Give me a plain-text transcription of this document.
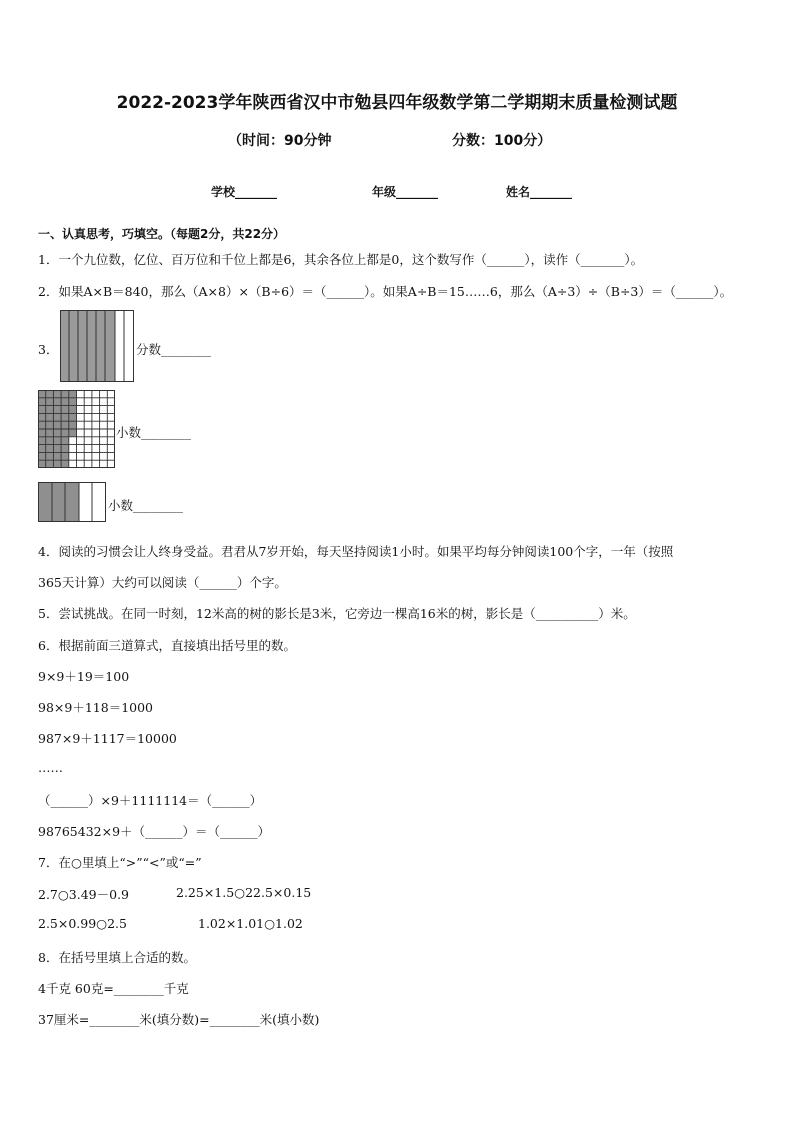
2022-2023学年陕西省汉中市勉县四年级数学第二学期期末质量检测试题
（时间：90分钟	分数：100分）
学校_______	年级_______	姓名_______
一、认真思考，巧填空。（每题2分，共22分）
1．一个九位数，亿位、百万位和千位上都是6，其余各位上都是0，这个数写作（______），读作（_______）。
2．如果A×B＝840，那么（A×8）×（B÷6）＝（______）。如果A÷B＝15……6，那么（A÷3）÷（B÷3）＝（______）。
3．	分数________
小数________
小数________
4．阅读的习惯会让人终身受益。君君从7岁开始，每天坚持阅读1小时。如果平均每分钟阅读100个字，一年（按照
365天计算）大约可以阅读（______）个字。
5．尝试挑战。在同一时刻，12米高的树的影长是3米，它旁边一棵高16米的树，影长是（__________）米。
6．根据前面三道算式，直接填出括号里的数。
9×9＋19＝100
98×9＋118＝1000
987×9＋1117＝10000
……
（______）×9＋1111114＝（______）
98765432×9＋（______）＝（______）
7．在○里填上“>”“<”或“=”
2.7○3.49－0.9	2.25×1.5○22.5×0.15
2.5×0.99○2.5	1.02×1.01○1.02
8．在括号里填上合适的数。
4千克 60克=________千克
37厘米=________米(填分数)=________米(填小数)
